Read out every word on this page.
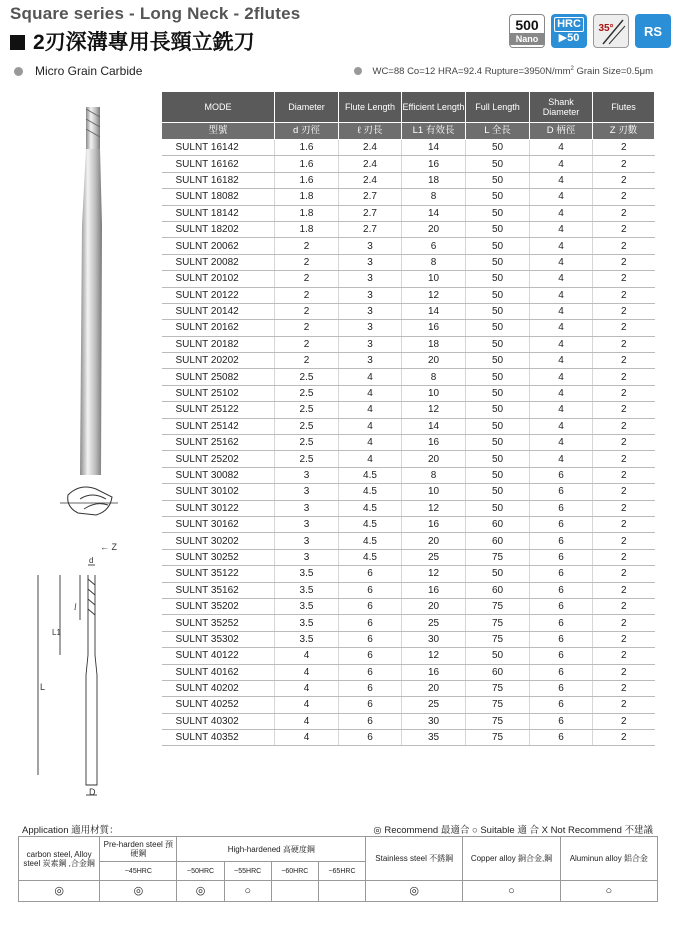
Square series - Long Neck - 2flutes
2刃深溝專用長頸立銑刀
500
Nano
HRC
▶50
35° RS
Micro Grain Carbide	WC=88 Co=12 HRA=92.4 $Rupture=3950N/mm^2$ Grain Size=0.5μm
← Z
d
l
L1
L
D
MODE	Diameter	Flute Length	Efficient Length	Full Length	Shank Diameter	Flutes
型號	d 刃徑	ℓ 刃長	L1 有效長	L 全長	D 柄徑	Z 刃數
SULNT 16142	1.6	2.4	14	50	4	2
SULNT 16162	1.6	2.4	16	50	4	2
SULNT 16182	1.6	2.4	18	50	4	2
SULNT 18082	1.8	2.7	8	50	4	2
SULNT 18142	1.8	2.7	14	50	4	2
SULNT 18202	1.8	2.7	20	50	4	2
SULNT 20062	2	3	6	50	4	2
SULNT 20082	2	3	8	50	4	2
SULNT 20102	2	3	10	50	4	2
SULNT 20122	2	3	12	50	4	2
SULNT 20142	2	3	14	50	4	2
SULNT 20162	2	3	16	50	4	2
SULNT 20182	2	3	18	50	4	2
SULNT 20202	2	3	20	50	4	2
SULNT 25082	2.5	4	8	50	4	2
SULNT 25102	2.5	4	10	50	4	2
SULNT 25122	2.5	4	12	50	4	2
SULNT 25142	2.5	4	14	50	4	2
SULNT 25162	2.5	4	16	50	4	2
SULNT 25202	2.5	4	20	50	4	2
SULNT 30082	3	4.5	8	50	6	2
SULNT 30102	3	4.5	10	50	6	2
SULNT 30122	3	4.5	12	50	6	2
SULNT 30162	3	4.5	16	60	6	2
SULNT 30202	3	4.5	20	60	6	2
SULNT 30252	3	4.5	25	75	6	2
SULNT 35122	3.5	6	12	50	6	2
SULNT 35162	3.5	6	16	60	6	2
SULNT 35202	3.5	6	20	75	6	2
SULNT 35252	3.5	6	25	75	6	2
SULNT 35302	3.5	6	30	75	6	2
SULNT 40122	4	6	12	50	6	2
SULNT 40162	4	6	16	60	6	2
SULNT 40202	4	6	20	75	6	2
SULNT 40252	4	6	25	75	6	2
SULNT 40302	4	6	30	75	6	2
SULNT 40352	4	6	35	75	6	2
Application 適用材質：	◎ Recommend 最適合 ○ Suitable 適 合 X Not Recommend 不建議
carbon steel, Alloy steel 炭素鋼 ,合金鋼	Pre-harden steel 預硬鋼	High-hardened 高硬度鋼				Stainless steel 不銹鋼	Copper alloy 銅合金,鋼	Aluminun alloy 鋁合金
	~45HRC	~50HRC	~55HRC	~60HRC	~65HRC			
◎	◎	◎	○			◎	○	○
